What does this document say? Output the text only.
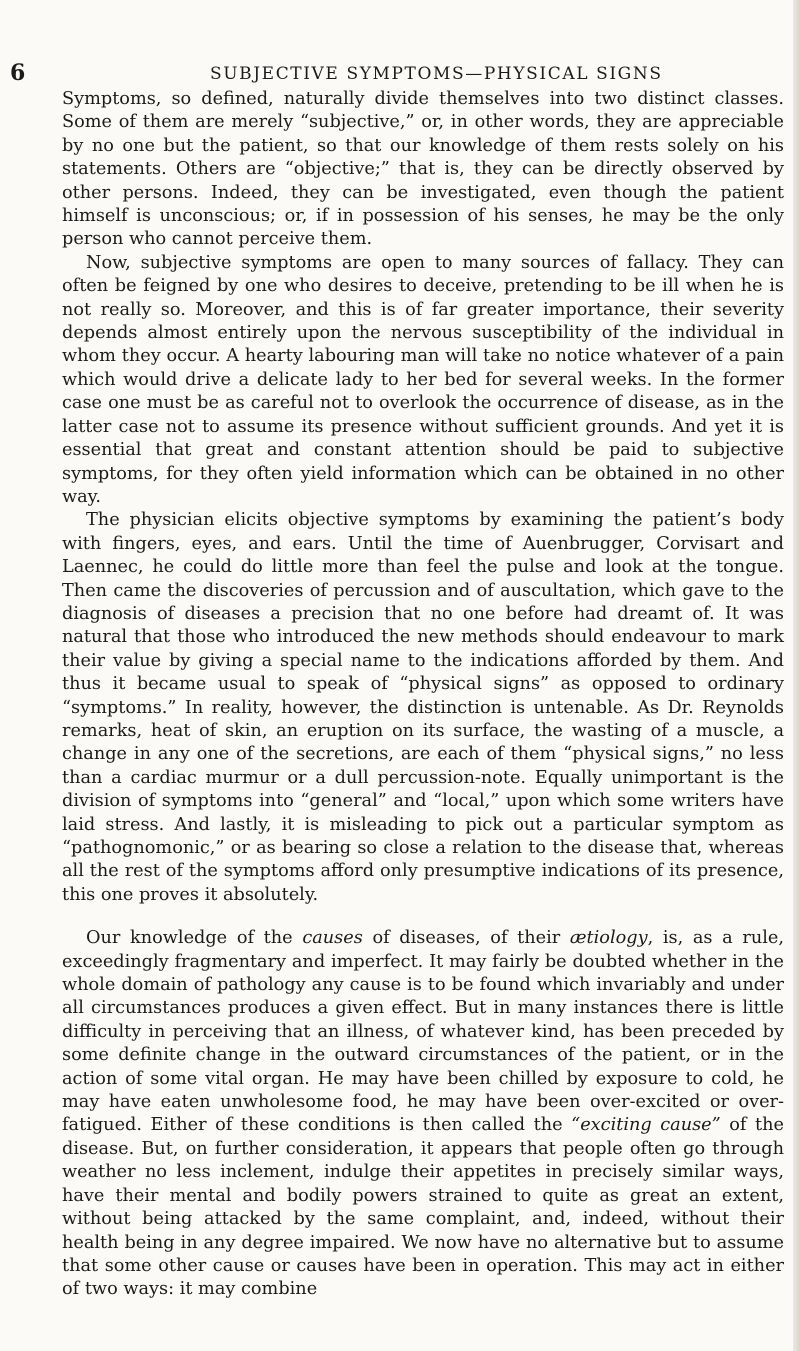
6	SUBJECTIVE SYMPTOMS—PHYSICAL SIGNS

Symptoms, so defined, naturally divide themselves into two distinct classes. Some of them are merely “subjective,” or, in other words, they are appreciable by no one but the patient, so that our knowledge of them rests solely on his statements. Others are “objective;” that is, they can be directly observed by other persons. Indeed, they can be investigated, even though the patient himself is unconscious; or, if in possession of his senses, he may be the only person who cannot perceive them.

Now, subjective symptoms are open to many sources of fallacy. They can often be feigned by one who desires to deceive, pretending to be ill when he is not really so. Moreover, and this is of far greater importance, their severity depends almost entirely upon the nervous susceptibility of the individual in whom they occur. A hearty labouring man will take no notice whatever of a pain which would drive a delicate lady to her bed for several weeks. In the former case one must be as careful not to overlook the occurrence of disease, as in the latter case not to assume its presence without sufficient grounds. And yet it is essential that great and constant attention should be paid to subjective symptoms, for they often yield information which can be obtained in no other way.

The physician elicits objective symptoms by examining the patient’s body with fingers, eyes, and ears. Until the time of Auenbrugger, Corvisart and Laennec, he could do little more than feel the pulse and look at the tongue. Then came the discoveries of percussion and of auscultation, which gave to the diagnosis of diseases a precision that no one before had dreamt of. It was natural that those who introduced the new methods should endeavour to mark their value by giving a special name to the indications afforded by them. And thus it became usual to speak of “physical signs” as opposed to ordinary “symptoms.” In reality, however, the distinction is untenable. As Dr. Reynolds remarks, heat of skin, an eruption on its surface, the wasting of a muscle, a change in any one of the secretions, are each of them “physical signs,” no less than a cardiac murmur or a dull percussion-note. Equally unimportant is the division of symptoms into “general” and “local,” upon which some writers have laid stress. And lastly, it is misleading to pick out a particular symptom as “pathognomonic,” or as bearing so close a relation to the disease that, whereas all the rest of the symptoms afford only presumptive indications of its presence, this one proves it absolutely.

Our knowledge of the causes of diseases, of their ætiology, is, as a rule, exceedingly fragmentary and imperfect. It may fairly be doubted whether in the whole domain of pathology any cause is to be found which invariably and under all circumstances produces a given effect. But in many instances there is little difficulty in perceiving that an illness, of whatever kind, has been preceded by some definite change in the outward circumstances of the patient, or in the action of some vital organ. He may have been chilled by exposure to cold, he may have eaten unwholesome food, he may have been over-excited or over-fatigued. Either of these conditions is then called the “exciting cause” of the disease. But, on further consideration, it appears that people often go through weather no less inclement, indulge their appetites in precisely similar ways, have their mental and bodily powers strained to quite as great an extent, without being attacked by the same complaint, and, indeed, without their health being in any degree impaired. We now have no alternative but to assume that some other cause or causes have been in operation. This may act in either of two ways: it may combine
